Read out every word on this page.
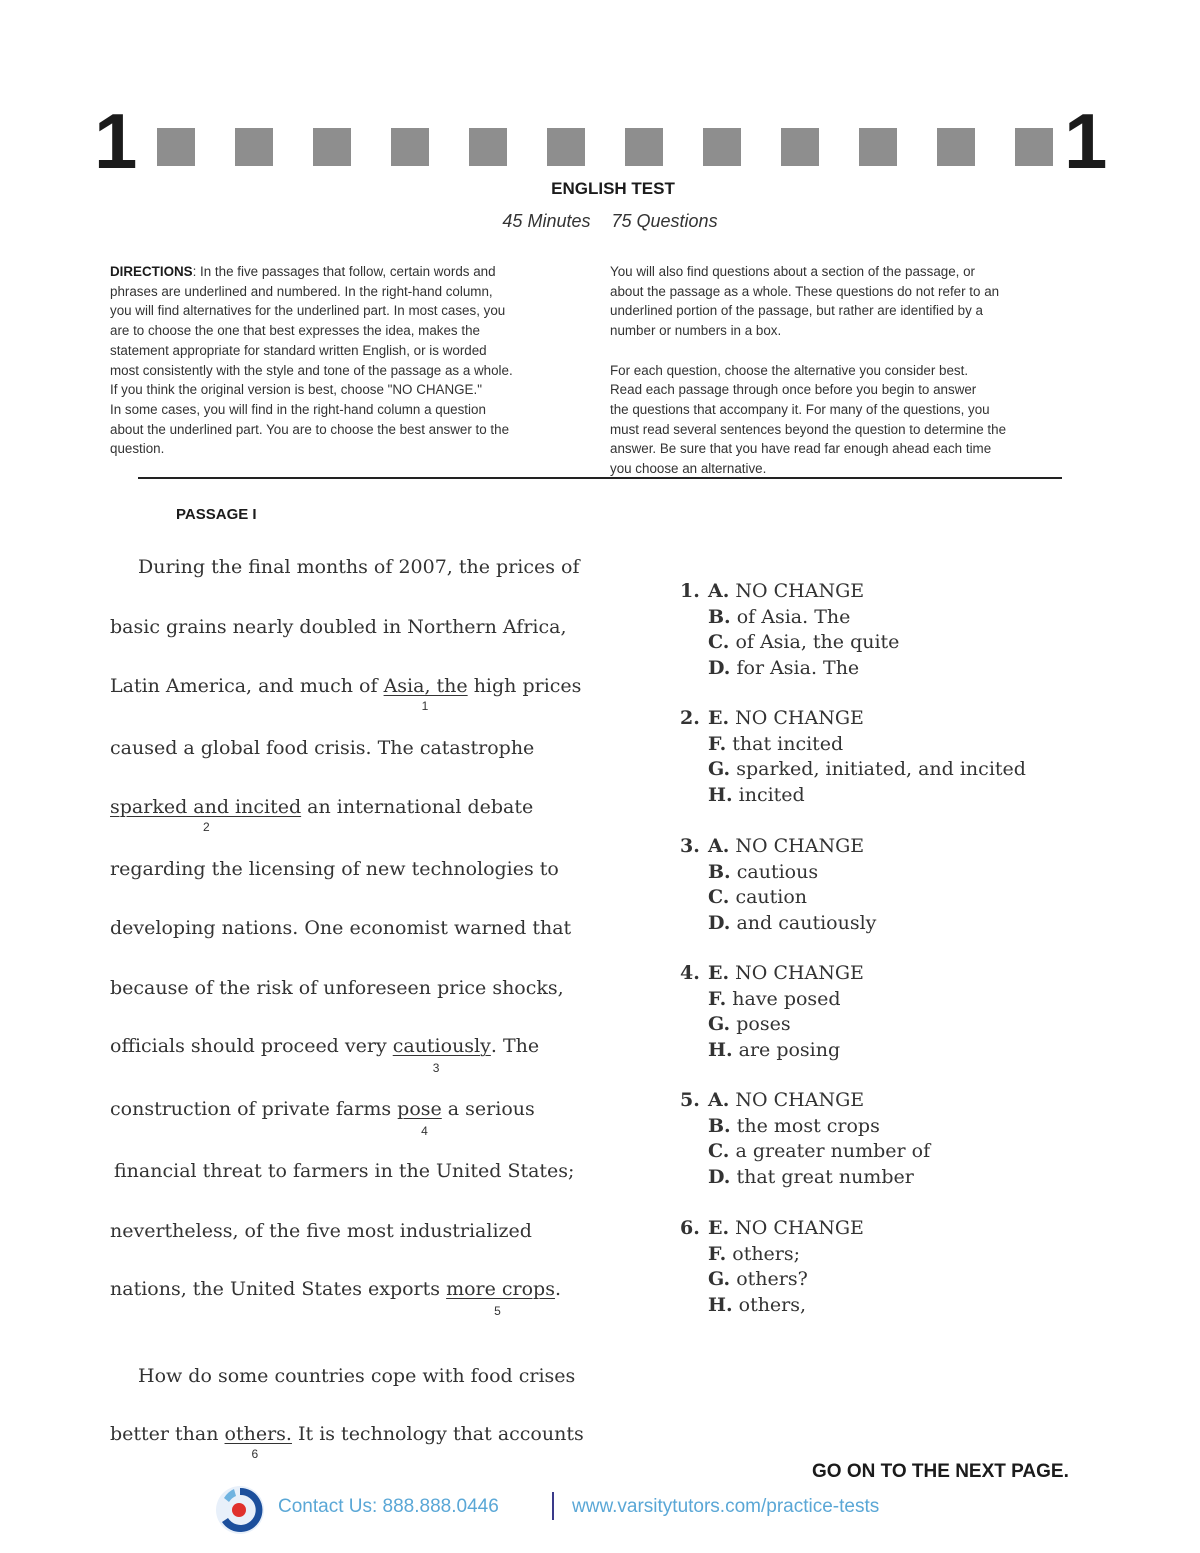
1	1
ENGLISH TEST
45 Minutes 75 Questions

DIRECTIONS: In the five passages that follow, certain words and

phrases are underlined and numbered. In the right-hand column,

you will find alternatives for the underlined part. In most cases, you

are to choose the one that best expresses the idea, makes the

statement appropriate for standard written English, or is worded

most consistently with the style and tone of the passage as a whole.

If you think the original version is best, choose "NO CHANGE."

In some cases, you will find in the right-hand column a question

about the underlined part. You are to choose the best answer to the

question.

You will also find questions about a section of the passage, or

about the passage as a whole. These questions do not refer to an

underlined portion of the passage, but rather are identified by a

number or numbers in a box.

For each question, choose the alternative you consider best.

Read each passage through once before you begin to answer

the questions that accompany it. For many of the questions, you

must read several sentences beyond the question to determine the

answer. Be sure that you have read far enough ahead each time

you choose an alternative.

PASSAGE I
During the final months of 2007, the prices of
basic grains nearly doubled in Northern Africa,
Latin America, and much of Asia, the
1
high prices
caused a global food crisis. The catastrophe
sparked and incited
2
an international debate
regarding the licensing of new technologies to
developing nations. One economist warned that
because of the risk of unforeseen price shocks,
officials should proceed very cautiously
3
. The
construction of private farms pose
4
a serious
financial threat to farmers in the United States;
nevertheless, of the five most industrialized
nations, the United States exports more crops
5
.
How do some countries cope with food crises
better than others.
6
It is technology that accounts
1. A. NO CHANGE
B. of Asia. The
C. of Asia, the quite
D. for Asia. The
2. E. NO CHANGE
F. that incited
G. sparked, initiated, and incited
H. incited
3. A. NO CHANGE
B. cautious
C. caution
D. and cautiously
4. E. NO CHANGE
F. have posed
G. poses
H. are posing
5. A. NO CHANGE
B. the most crops
C. a greater number of
D. that great number
6. E. NO CHANGE
F. others;
G. others?
H. others,
GO ON TO THE NEXT PAGE.
Contact Us: 888.888.0446	www.varsitytutors.com/practice-tests
